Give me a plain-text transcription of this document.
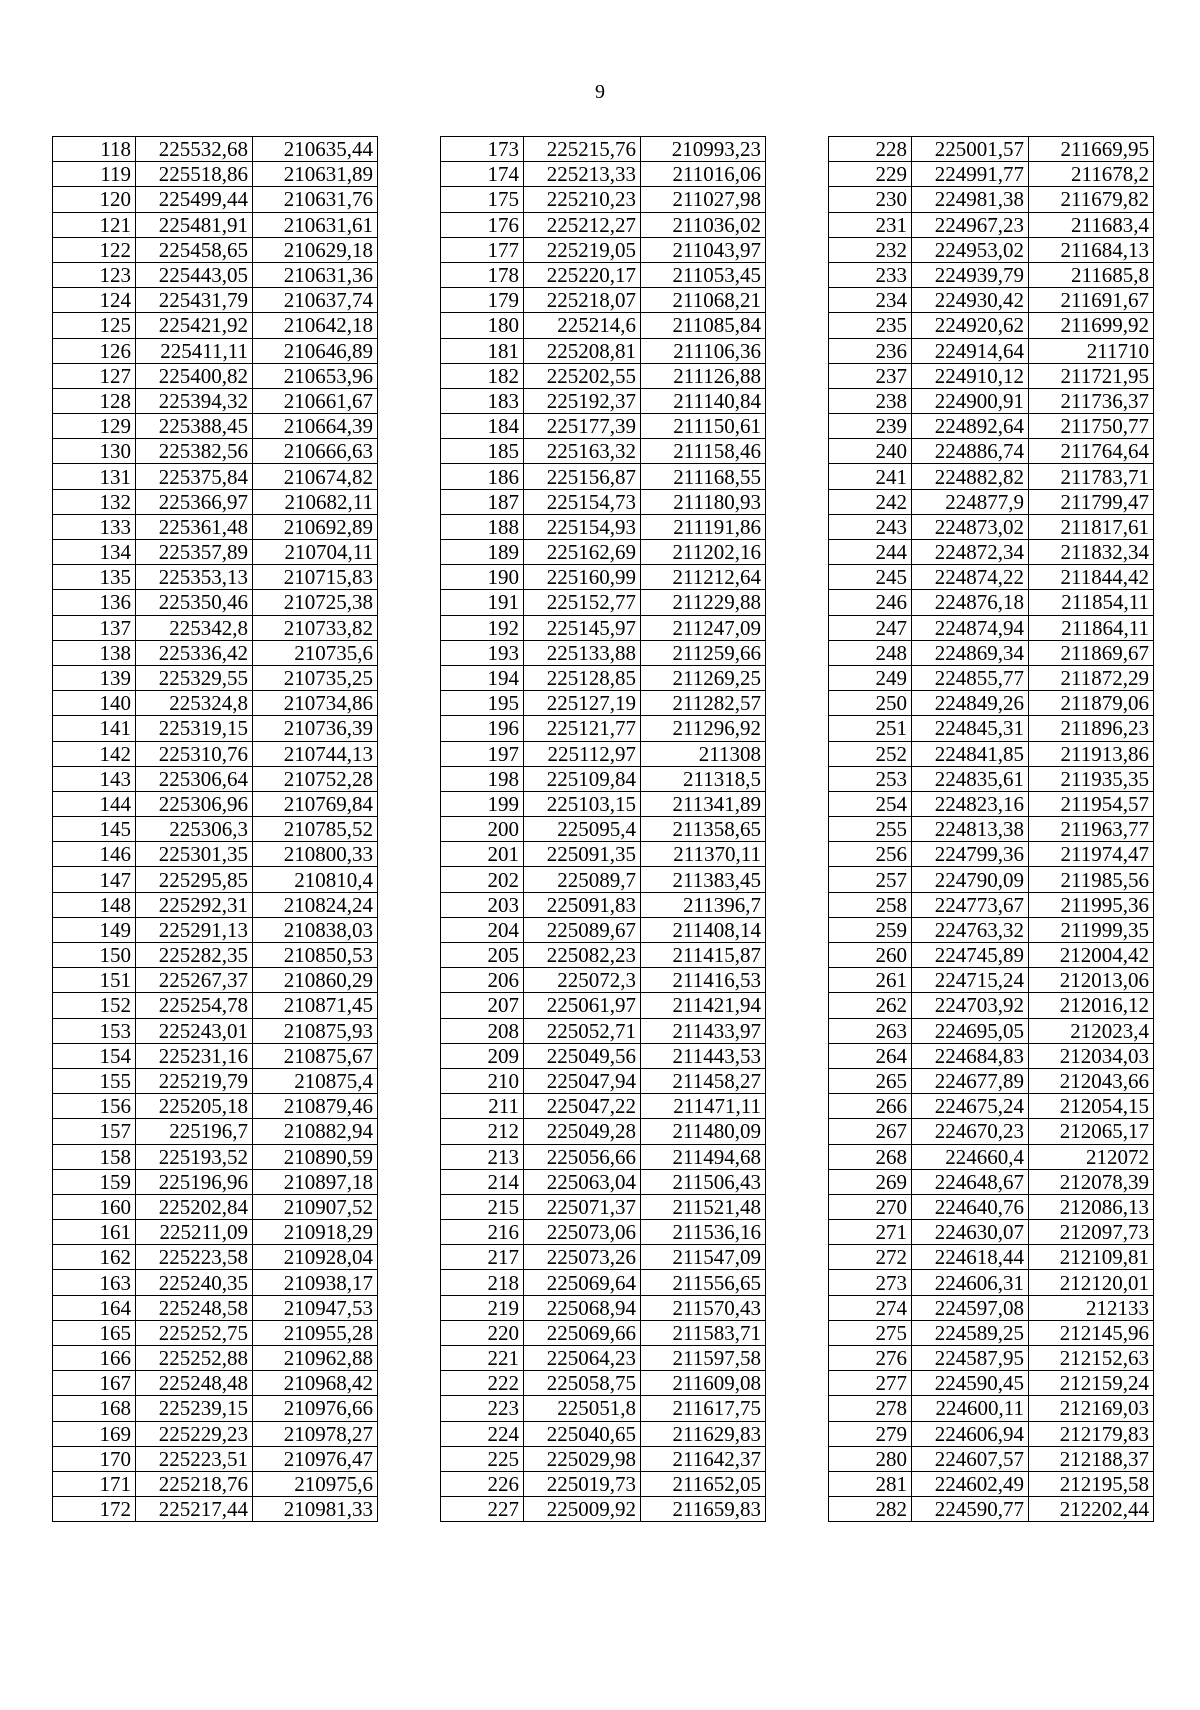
9
118	225532,68	210635,44
119	225518,86	210631,89
120	225499,44	210631,76
121	225481,91	210631,61
122	225458,65	210629,18
123	225443,05	210631,36
124	225431,79	210637,74
125	225421,92	210642,18
126	225411,11	210646,89
127	225400,82	210653,96
128	225394,32	210661,67
129	225388,45	210664,39
130	225382,56	210666,63
131	225375,84	210674,82
132	225366,97	210682,11
133	225361,48	210692,89
134	225357,89	210704,11
135	225353,13	210715,83
136	225350,46	210725,38
137	225342,8	210733,82
138	225336,42	210735,6
139	225329,55	210735,25
140	225324,8	210734,86
141	225319,15	210736,39
142	225310,76	210744,13
143	225306,64	210752,28
144	225306,96	210769,84
145	225306,3	210785,52
146	225301,35	210800,33
147	225295,85	210810,4
148	225292,31	210824,24
149	225291,13	210838,03
150	225282,35	210850,53
151	225267,37	210860,29
152	225254,78	210871,45
153	225243,01	210875,93
154	225231,16	210875,67
155	225219,79	210875,4
156	225205,18	210879,46
157	225196,7	210882,94
158	225193,52	210890,59
159	225196,96	210897,18
160	225202,84	210907,52
161	225211,09	210918,29
162	225223,58	210928,04
163	225240,35	210938,17
164	225248,58	210947,53
165	225252,75	210955,28
166	225252,88	210962,88
167	225248,48	210968,42
168	225239,15	210976,66
169	225229,23	210978,27
170	225223,51	210976,47
171	225218,76	210975,6
172	225217,44	210981,33
173	225215,76	210993,23
174	225213,33	211016,06
175	225210,23	211027,98
176	225212,27	211036,02
177	225219,05	211043,97
178	225220,17	211053,45
179	225218,07	211068,21
180	225214,6	211085,84
181	225208,81	211106,36
182	225202,55	211126,88
183	225192,37	211140,84
184	225177,39	211150,61
185	225163,32	211158,46
186	225156,87	211168,55
187	225154,73	211180,93
188	225154,93	211191,86
189	225162,69	211202,16
190	225160,99	211212,64
191	225152,77	211229,88
192	225145,97	211247,09
193	225133,88	211259,66
194	225128,85	211269,25
195	225127,19	211282,57
196	225121,77	211296,92
197	225112,97	211308
198	225109,84	211318,5
199	225103,15	211341,89
200	225095,4	211358,65
201	225091,35	211370,11
202	225089,7	211383,45
203	225091,83	211396,7
204	225089,67	211408,14
205	225082,23	211415,87
206	225072,3	211416,53
207	225061,97	211421,94
208	225052,71	211433,97
209	225049,56	211443,53
210	225047,94	211458,27
211	225047,22	211471,11
212	225049,28	211480,09
213	225056,66	211494,68
214	225063,04	211506,43
215	225071,37	211521,48
216	225073,06	211536,16
217	225073,26	211547,09
218	225069,64	211556,65
219	225068,94	211570,43
220	225069,66	211583,71
221	225064,23	211597,58
222	225058,75	211609,08
223	225051,8	211617,75
224	225040,65	211629,83
225	225029,98	211642,37
226	225019,73	211652,05
227	225009,92	211659,83
228	225001,57	211669,95
229	224991,77	211678,2
230	224981,38	211679,82
231	224967,23	211683,4
232	224953,02	211684,13
233	224939,79	211685,8
234	224930,42	211691,67
235	224920,62	211699,92
236	224914,64	211710
237	224910,12	211721,95
238	224900,91	211736,37
239	224892,64	211750,77
240	224886,74	211764,64
241	224882,82	211783,71
242	224877,9	211799,47
243	224873,02	211817,61
244	224872,34	211832,34
245	224874,22	211844,42
246	224876,18	211854,11
247	224874,94	211864,11
248	224869,34	211869,67
249	224855,77	211872,29
250	224849,26	211879,06
251	224845,31	211896,23
252	224841,85	211913,86
253	224835,61	211935,35
254	224823,16	211954,57
255	224813,38	211963,77
256	224799,36	211974,47
257	224790,09	211985,56
258	224773,67	211995,36
259	224763,32	211999,35
260	224745,89	212004,42
261	224715,24	212013,06
262	224703,92	212016,12
263	224695,05	212023,4
264	224684,83	212034,03
265	224677,89	212043,66
266	224675,24	212054,15
267	224670,23	212065,17
268	224660,4	212072
269	224648,67	212078,39
270	224640,76	212086,13
271	224630,07	212097,73
272	224618,44	212109,81
273	224606,31	212120,01
274	224597,08	212133
275	224589,25	212145,96
276	224587,95	212152,63
277	224590,45	212159,24
278	224600,11	212169,03
279	224606,94	212179,83
280	224607,57	212188,37
281	224602,49	212195,58
282	224590,77	212202,44
